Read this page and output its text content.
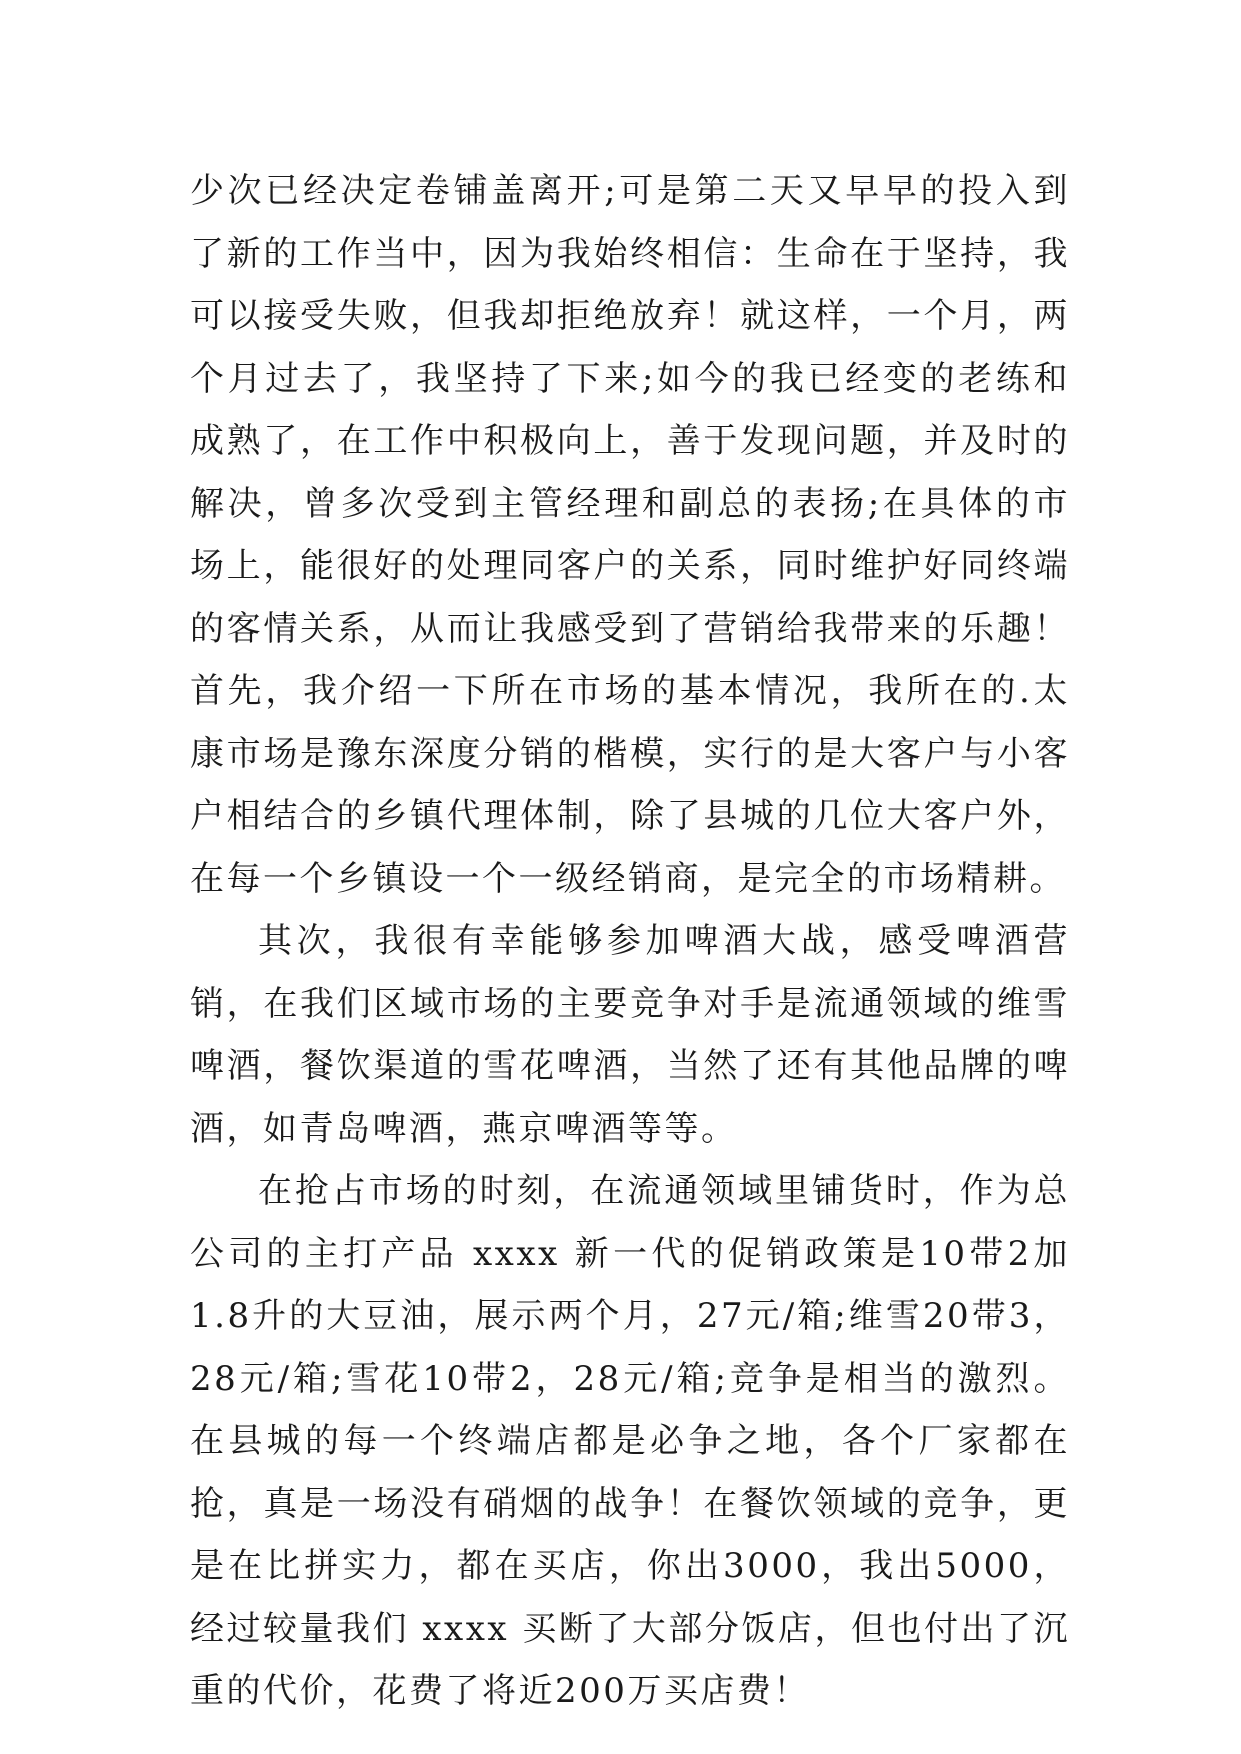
少次已经决定卷铺盖离开;可是第二天又早早的投入到了新的工作当中，因为我始终相信：生命在于坚持，我可以接受失败，但我却拒绝放弃！就这样，一个月，两个月过去了，我坚持了下来;如今的我已经变的老练和成熟了，在工作中积极向上，善于发现问题，并及时的解决，曾多次受到主管经理和副总的表扬;在具体的市场上，能很好的处理同客户的关系，同时维护好同终端的客情关系，从而让我感受到了营销给我带来的乐趣！首先，我介绍一下所在市场的基本情况，我所在的.太康市场是豫东深度分销的楷模，实行的是大客户与小客户相结合的乡镇代理体制，除了县城的几位大客户外，在每一个乡镇设一个一级经销商，是完全的市场精耕。

其次，我很有幸能够参加啤酒大战，感受啤酒营销，在我们区域市场的主要竞争对手是流通领域的维雪啤酒，餐饮渠道的雪花啤酒，当然了还有其他品牌的啤酒，如青岛啤酒，燕京啤酒等等。

在抢占市场的时刻，在流通领域里铺货时，作为总公司的主打产品 xxxx 新一代的促销政策是10带2加1.8升的大豆油，展示两个月，27元/箱;维雪20带3，28元/箱;雪花10带2，28元/箱;竞争是相当的激烈。在县城的每一个终端店都是必争之地，各个厂家都在抢，真是一场没有硝烟的战争！在餐饮领域的竞争，更是在比拼实力，都在买店，你出3000，我出5000，经过较量我们 xxxx 买断了大部分饭店，但也付出了沉重的代价，花费了将近200万买店费！
